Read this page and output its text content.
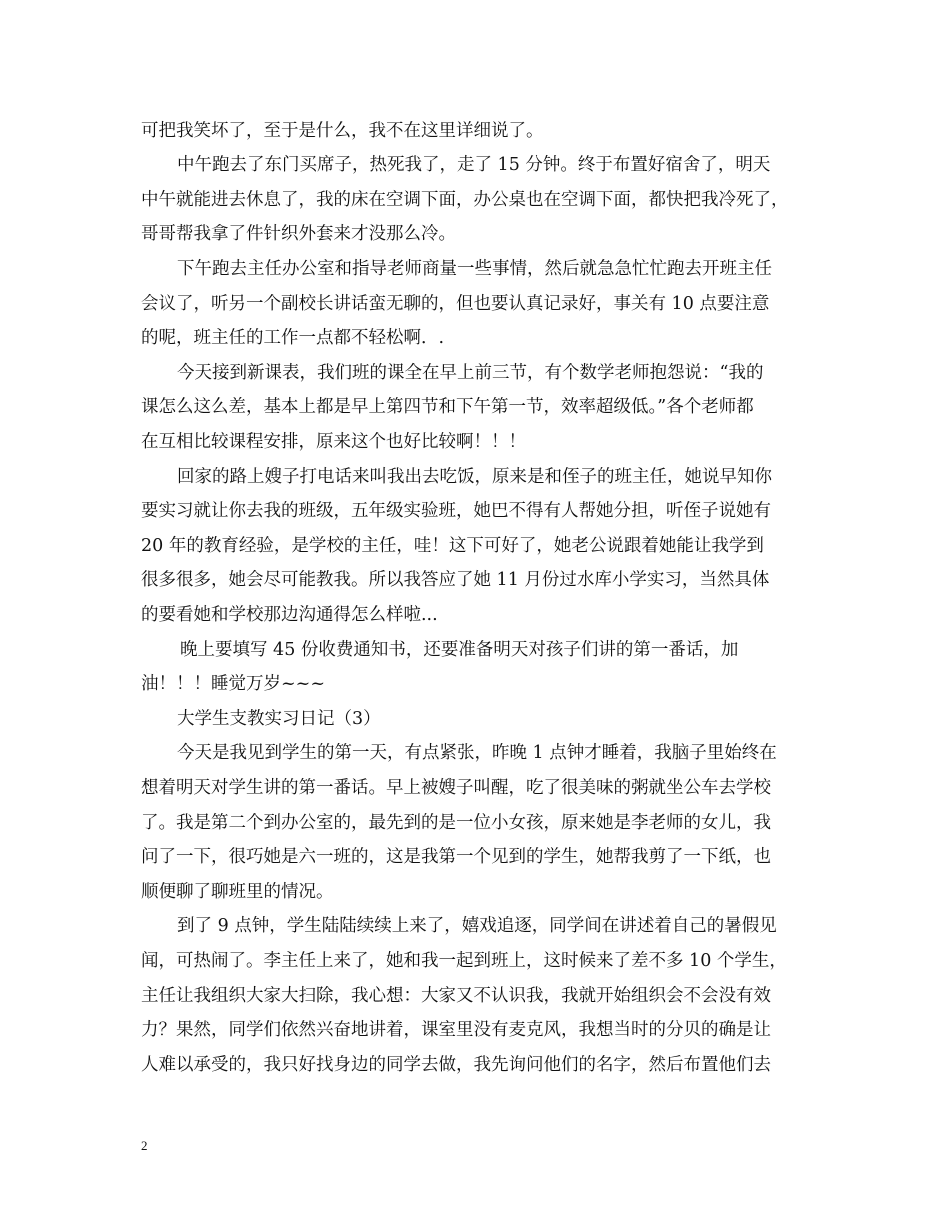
可把我笑坏了，至于是什么，我不在这里详细说了。
中午跑去了东门买席子，热死我了，走了 15 分钟。终于布置好宿舍了，明天
中午就能进去休息了，我的床在空调下面，办公桌也在空调下面，都快把我冷死了，
哥哥帮我拿了件针织外套来才没那么冷。
下午跑去主任办公室和指导老师商量一些事情，然后就急急忙忙跑去开班主任
会议了，听另一个副校长讲话蛮无聊的，但也要认真记录好，事关有 10 点要注意
的呢，班主任的工作一点都不轻松啊．.
今天接到新课表，我们班的课全在早上前三节，有个数学老师抱怨说：“我的
课怎么这么差，基本上都是早上第四节和下午第一节，效率超级低。”各个老师都
在互相比较课程安排，原来这个也好比较啊！！！
回家的路上嫂子打电话来叫我出去吃饭，原来是和侄子的班主任，她说早知你
要实习就让你去我的班级，五年级实验班，她巴不得有人帮她分担，听侄子说她有
20 年的教育经验，是学校的主任，哇！这下可好了，她老公说跟着她能让我学到
很多很多，她会尽可能教我。所以我答应了她 11 月份过水库小学实习，当然具体
的要看她和学校那边沟通得怎么样啦...
晚上要填写 45 份收费通知书，还要准备明天对孩子们讲的第一番话，加
油！！！睡觉万岁~~~
大学生支教实习日记（3）
今天是我见到学生的第一天，有点紧张，昨晚 1 点钟才睡着，我脑子里始终在
想着明天对学生讲的第一番话。早上被嫂子叫醒，吃了很美味的粥就坐公车去学校
了。我是第二个到办公室的，最先到的是一位小女孩，原来她是李老师的女儿，我
问了一下，很巧她是六一班的，这是我第一个见到的学生，她帮我剪了一下纸，也
顺便聊了聊班里的情况。
到了 9 点钟，学生陆陆续续上来了，嬉戏追逐，同学间在讲述着自己的暑假见
闻，可热闹了。李主任上来了，她和我一起到班上，这时候来了差不多 10 个学生，
主任让我组织大家大扫除，我心想：大家又不认识我，我就开始组织会不会没有效
力？果然，同学们依然兴奋地讲着，课室里没有麦克风，我想当时的分贝的确是让
人难以承受的，我只好找身边的同学去做，我先询问他们的名字，然后布置他们去
2
